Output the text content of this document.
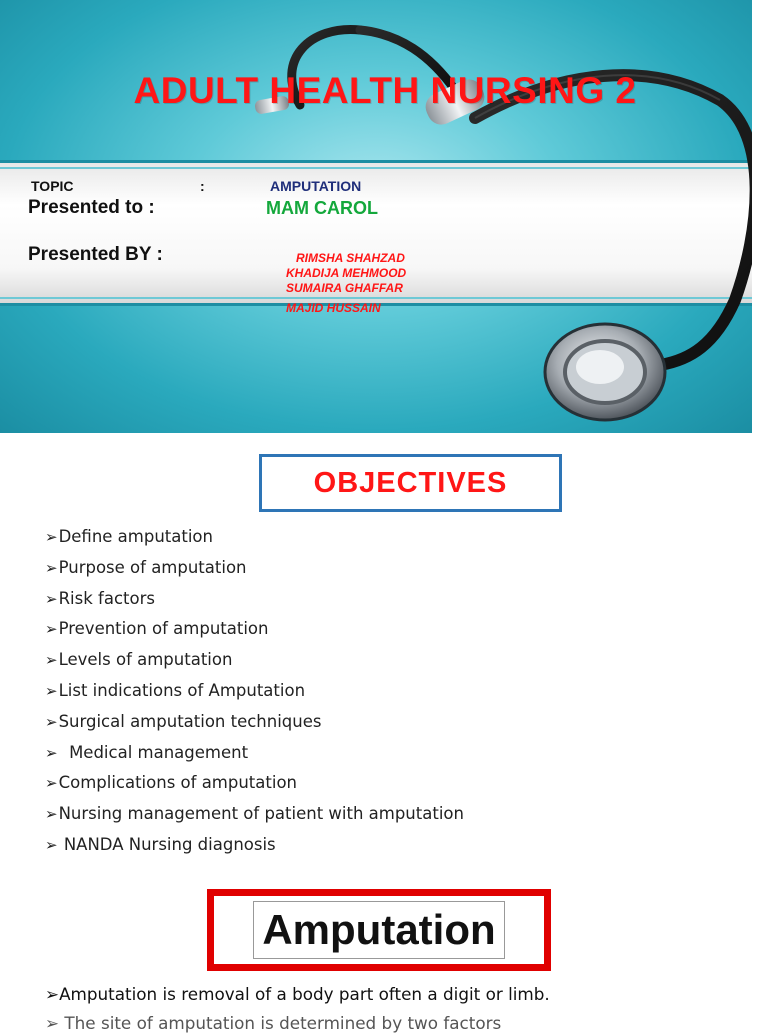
ADULT HEALTH NURSING 2
TOPIC	:	AMPUTATION
Presented to :	MAM CAROL
Presented BY :	RIMSHA SHAHZAD
KHADIJA MEHMOOD
SUMAIRA GHAFFAR
MAJID HUSSAIN
OBJECTIVES
➢Define amputation
➢Purpose of amputation
➢Risk factors
➢Prevention of amputation
➢Levels of amputation
➢List indications of Amputation
➢Surgical amputation techniques
➢  Medical management
➢Complications of amputation
➢Nursing management of patient with amputation
➢ NANDA Nursing diagnosis
Amputation
➢Amputation is removal of a body part often a digit or limb.
➢ The site of amputation is determined by two factors
